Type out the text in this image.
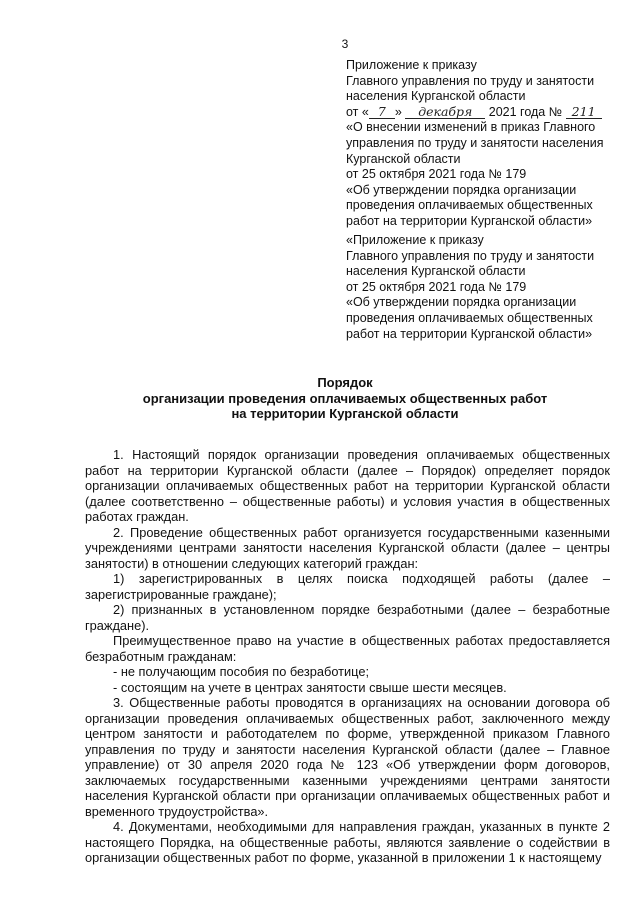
3
Приложение к приказу
Главного управления по труду и занятости
населения Курганской области
от « 7 » декабря 2021 года № 211
«О внесении изменений в приказ Главного
управления по труду и занятости населения
Курганской области
от 25 октября 2021 года № 179
«Об утверждении порядка организации
проведения оплачиваемых общественных
работ на территории Курганской области»
«Приложение к приказу
Главного управления по труду и занятости
населения Курганской области
от 25 октября 2021 года № 179
«Об утверждении порядка организации
проведения оплачиваемых общественных
работ на территории Курганской области»
Порядок
организации проведения оплачиваемых общественных работ
на территории Курганской области

1. Настоящий порядок организации проведения оплачиваемых общественных работ на территории Курганской области (далее – Порядок) определяет порядок организации оплачиваемых общественных работ на территории Курганской области (далее соответственно – общественные работы) и условия участия в общественных работах граждан.

2. Проведение общественных работ организуется государственными казенными учреждениями центрами занятости населения Курганской области (далее – центры занятости) в отношении следующих категорий граждан:

1) зарегистрированных в целях поиска подходящей работы (далее – зарегистрированные граждане);

2) признанных в установленном порядке безработными (далее – безработные граждане).

Преимущественное право на участие в общественных работах предоставляется безработным гражданам:

- не получающим пособия по безработице;

- состоящим на учете в центрах занятости свыше шести месяцев.

3. Общественные работы проводятся в организациях на основании договора об организации проведения оплачиваемых общественных работ, заключенного между центром занятости и работодателем по форме, утвержденной приказом Главного управления по труду и занятости населения Курганской области (далее – Главное управление) от 30 апреля 2020 года № 123 «Об утверждении форм договоров, заключаемых государственными казенными учреждениями центрами занятости населения Курганской области при организации оплачиваемых общественных работ и временного трудоустройства».

4. Документами, необходимыми для направления граждан, указанных в пункте 2 настоящего Порядка, на общественные работы, являются заявление о содействии в организации общественных работ по форме, указанной в приложении 1 к настоящему
